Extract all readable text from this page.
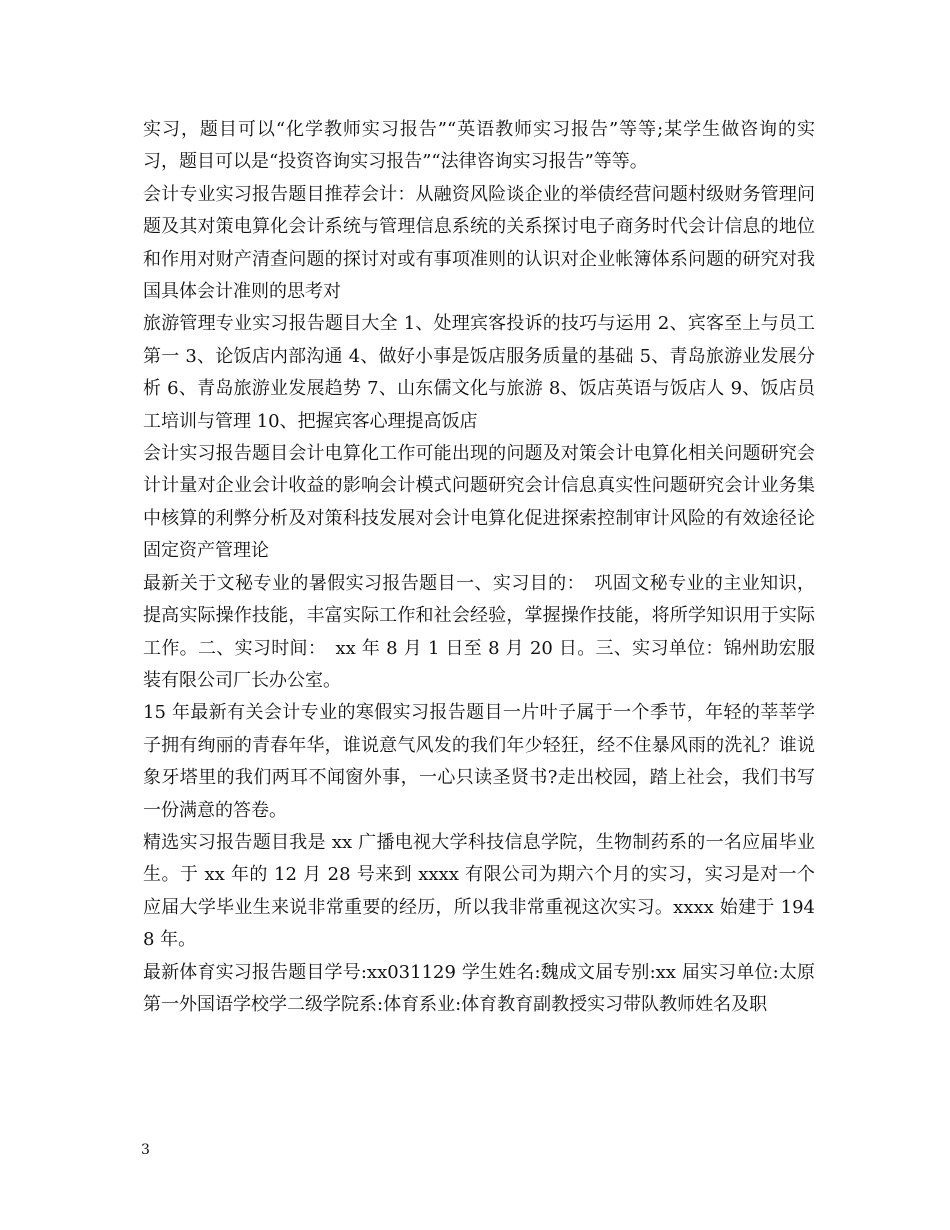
实习，题目可以“化学教师实习报告”“英语教师实习报告”等等;某学生做咨询的实习，题目可以是“投资咨询实习报告”“法律咨询实习报告”等等。

会计专业实习报告题目推荐会计：从融资风险谈企业的举债经营问题村级财务管理问题及其对策电算化会计系统与管理信息系统的关系探讨电子商务时代会计信息的地位和作用对财产清查问题的探讨对或有事项准则的认识对企业帐簿体系问题的研究对我国具体会计准则的思考对

旅游管理专业实习报告题目大全 1、处理宾客投诉的技巧与运用 2、宾客至上与员工第一 3、论饭店内部沟通 4、做好小事是饭店服务质量的基础 5、青岛旅游业发展分析 6、青岛旅游业发展趋势 7、山东儒文化与旅游 8、饭店英语与饭店人 9、饭店员工培训与管理 10、把握宾客心理提高饭店

会计实习报告题目会计电算化工作可能出现的问题及对策会计电算化相关问题研究会计计量对企业会计收益的影响会计模式问题研究会计信息真实性问题研究会计业务集中核算的利弊分析及对策科技发展对会计电算化促进探索控制审计风险的有效途径论固定资产管理论

最新关于文秘专业的暑假实习报告题目一、实习目的：　巩固文秘专业的主业知识，提高实际操作技能，丰富实际工作和社会经验，掌握操作技能，将所学知识用于实际工作。二、实习时间：　xx 年 8 月 1 日至 8 月 20 日。三、实习单位：锦州助宏服装有限公司厂长办公室。

15 年最新有关会计专业的寒假实习报告题目一片叶子属于一个季节，年轻的莘莘学子拥有绚丽的青春年华，谁说意气风发的我们年少轻狂，经不住暴风雨的洗礼？谁说象牙塔里的我们两耳不闻窗外事，一心只读圣贤书?走出校园，踏上社会，我们书写一份满意的答卷。

精选实习报告题目我是 xx 广播电视大学科技信息学院，生物制药系的一名应届毕业生。于 xx 年的 12 月 28 号来到 xxxx 有限公司为期六个月的实习，实习是对一个应届大学毕业生来说非常重要的经历，所以我非常重视这次实习。xxxx 始建于 1948 年。

最新体育实习报告题目学号:xx031129 学生姓名:魏成文届专别:xx 届实习单位:太原第一外国语学校学二级学院系:体育系业:体育教育副教授实习带队教师姓名及职

3
